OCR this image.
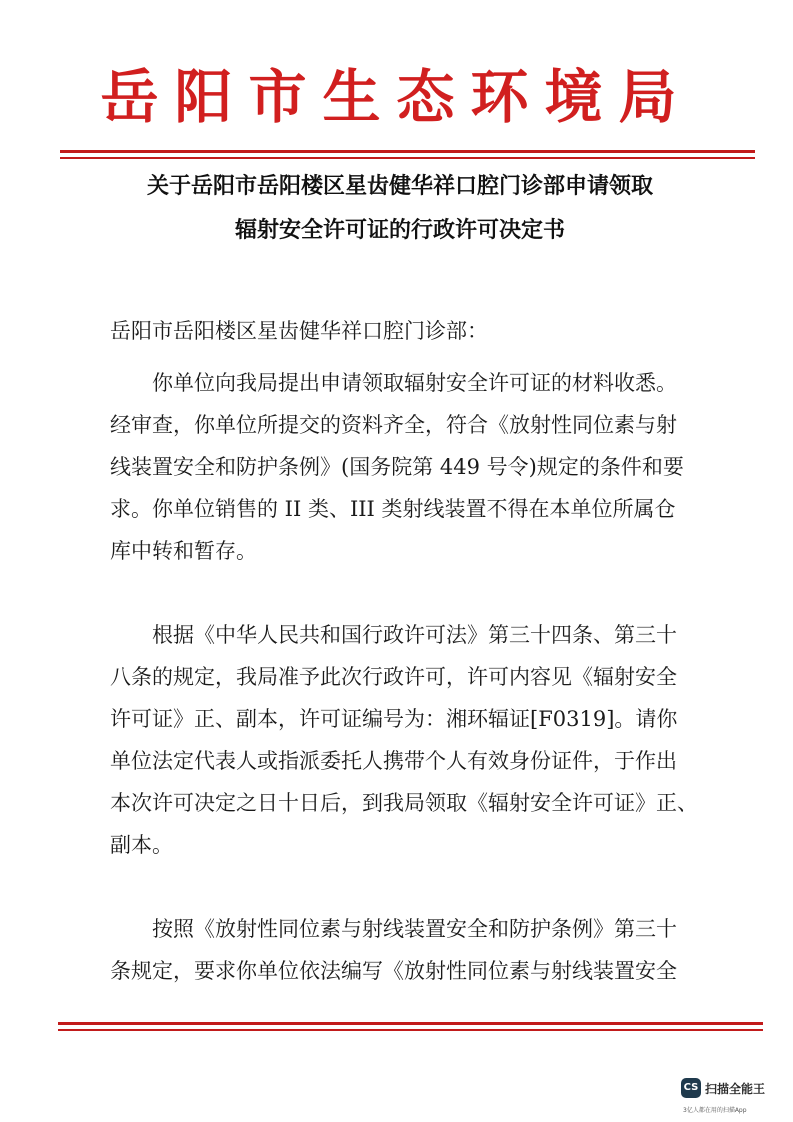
岳阳市生态环境局
关于岳阳市岳阳楼区星齿健华祥口腔门诊部申请领取
辐射安全许可证的行政许可决定书
岳阳市岳阳楼区星齿健华祥口腔门诊部：
你单位向我局提出申请领取辐射安全许可证的材料收悉。
经审查，你单位所提交的资料齐全，符合《放射性同位素与射
线装置安全和防护条例》(国务院第 449 号令)规定的条件和要
求。你单位销售的 II 类、III 类射线装置不得在本单位所属仓
库中转和暂存。
根据《中华人民共和国行政许可法》第三十四条、第三十
八条的规定，我局准予此次行政许可，许可内容见《辐射安全
许可证》正、副本，许可证编号为：湘环辐证[F0319]。请你
单位法定代表人或指派委托人携带个人有效身份证件，于作出
本次许可决定之日十日后，到我局领取《辐射安全许可证》正、
副本。
按照《放射性同位素与射线装置安全和防护条例》第三十
条规定，要求你单位依法编写《放射性同位素与射线装置安全
CS 扫描全能王
3亿人都在用的扫描App
